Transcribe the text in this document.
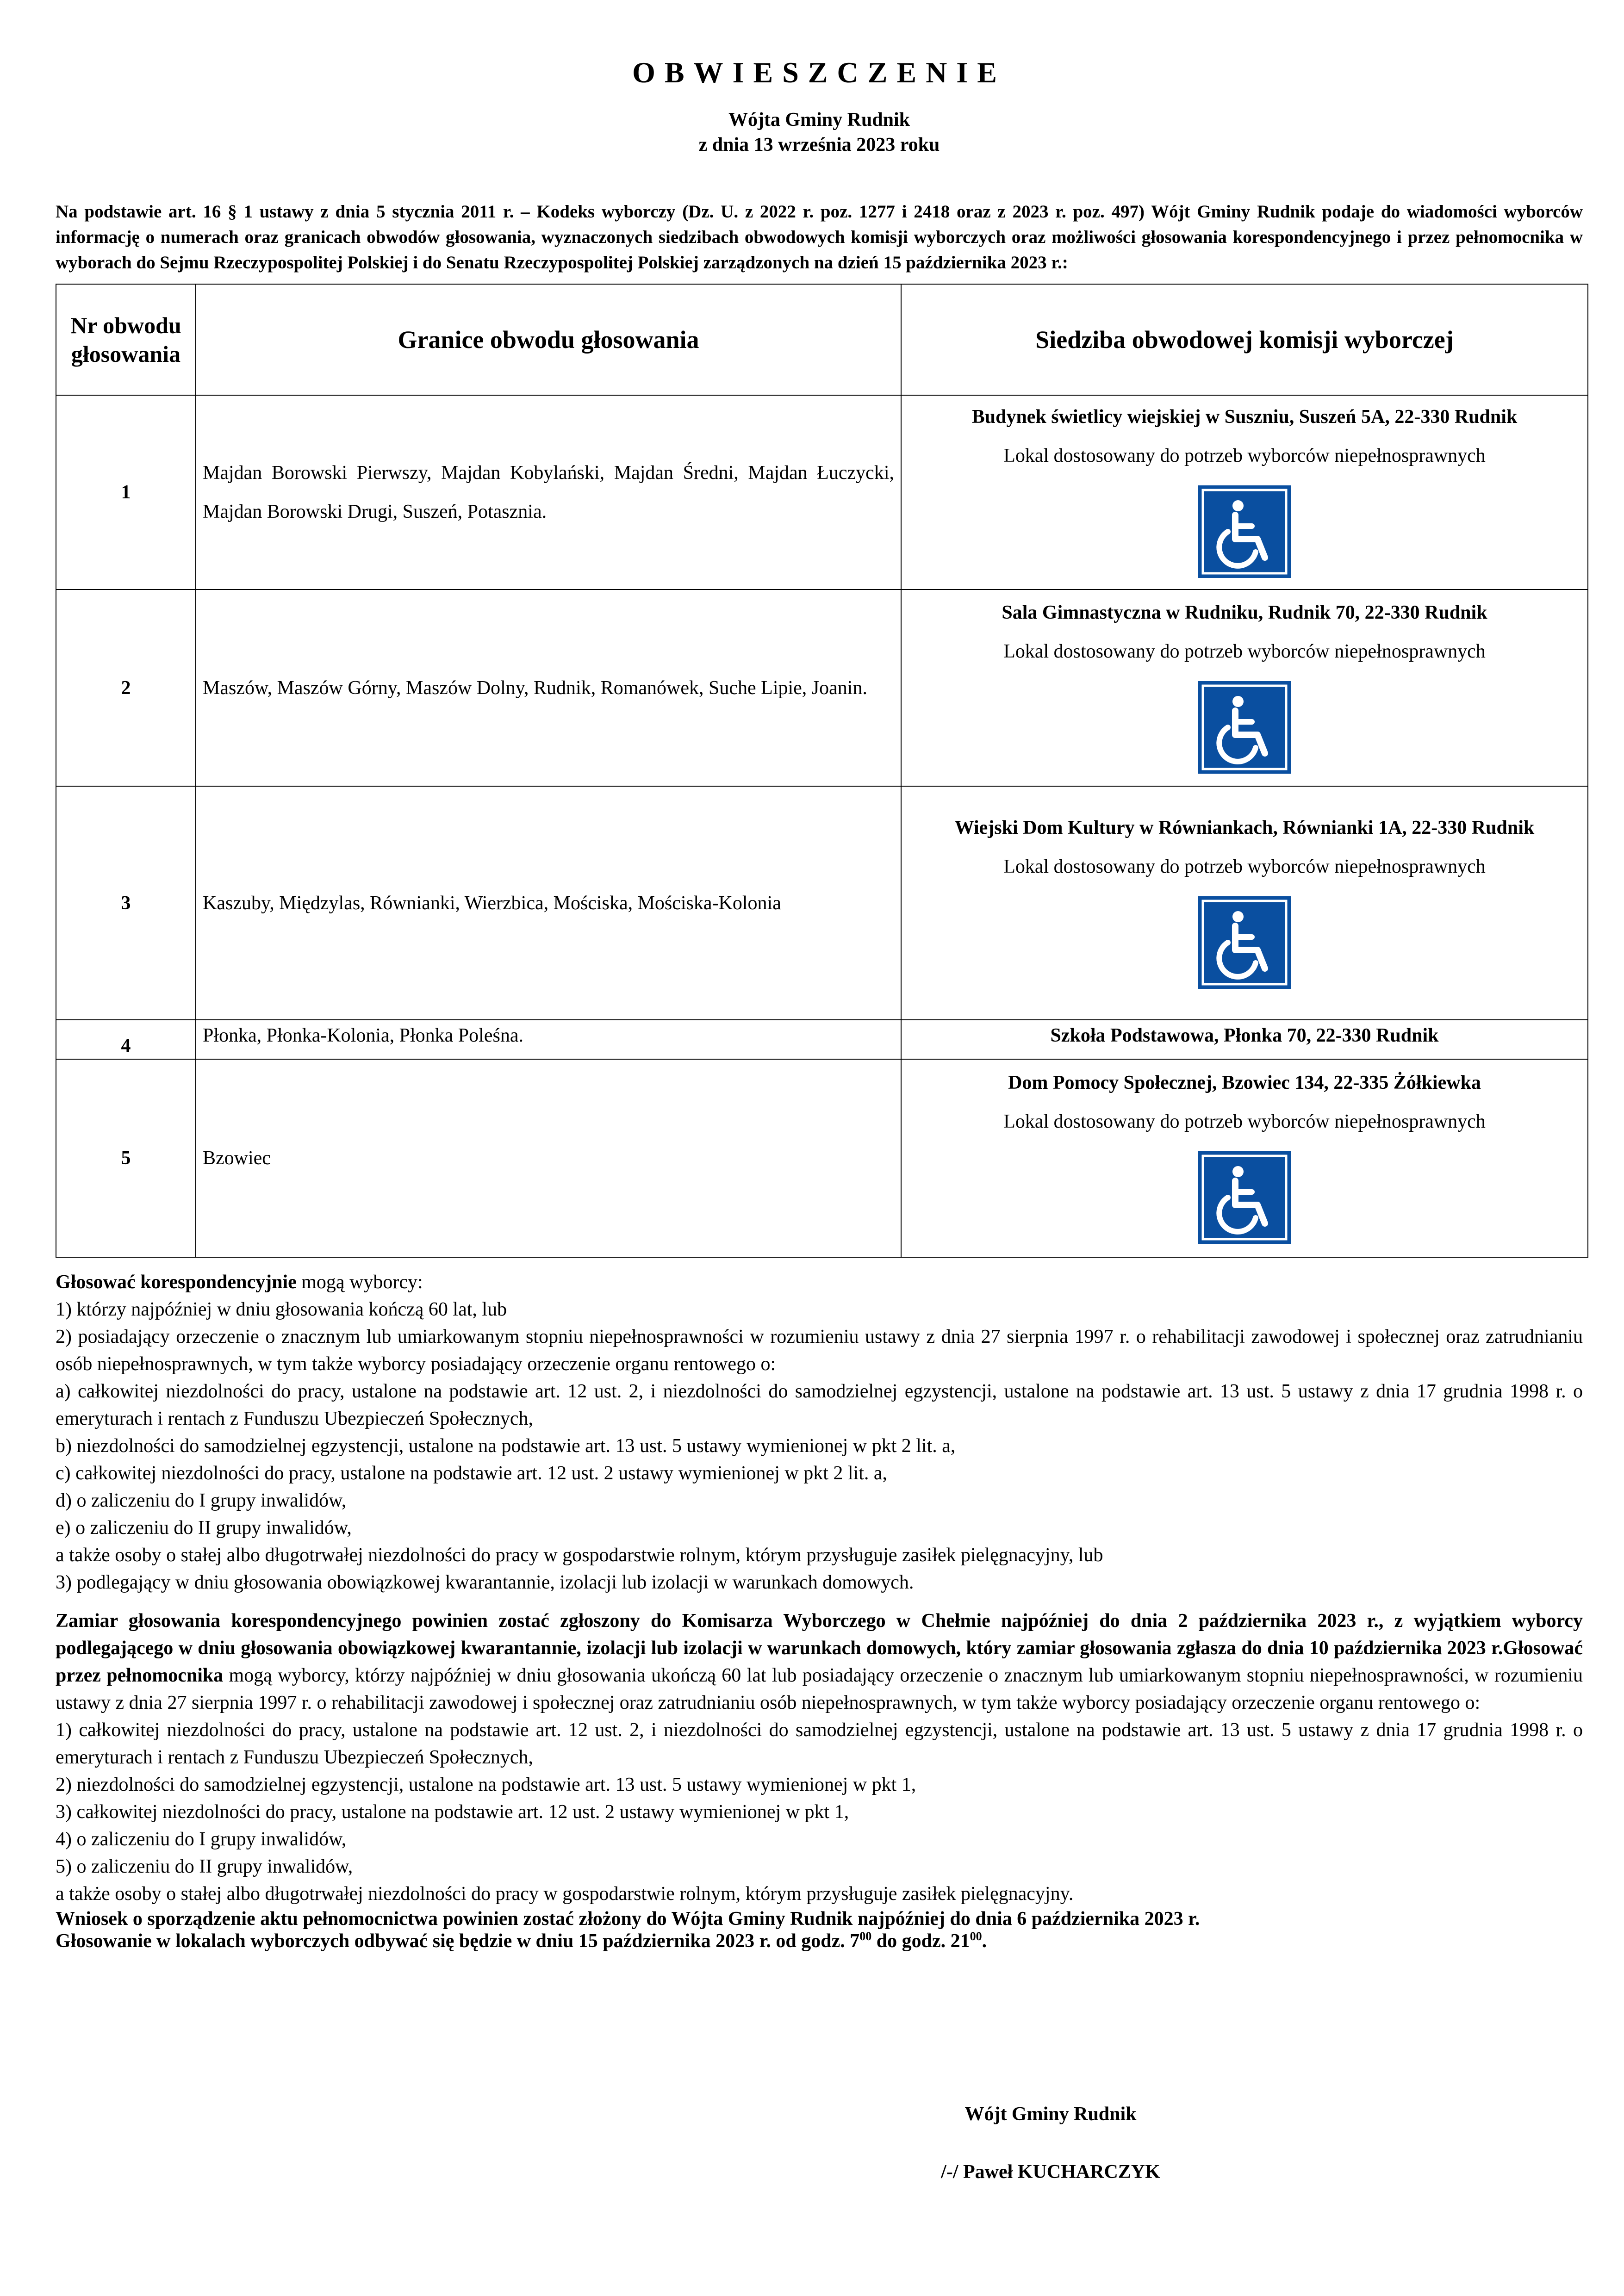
OBWIESZCZENIE
Wójta Gminy Rudnik
z dnia 13 września 2023 roku
Na podstawie art. 16 § 1 ustawy z dnia 5 stycznia 2011 r. – Kodeks wyborczy (Dz. U. z 2022 r. poz. 1277 i 2418 oraz z 2023 r. poz. 497) Wójt Gminy Rudnik podaje do wiadomości wyborców informację o numerach oraz granicach obwodów głosowania, wyznaczonych siedzibach obwodowych komisji wyborczych oraz możliwości głosowania korespondencyjnego i przez pełnomocnika w wyborach do Sejmu Rzeczypospolitej Polskiej i do Senatu Rzeczypospolitej Polskiej zarządzonych na dzień 15 października 2023 r.:
Nr obwodu głosowania	Granice obwodu głosowania	Siedziba obwodowej komisji wyborczej
1	Majdan Borowski Pierwszy, Majdan Kobylański, Majdan Średni, Majdan Łuczycki, Majdan Borowski Drugi, Suszeń, Potasznia.	Budynek świetlicy wiejskiej w Suszniu, Suszeń 5A, 22-330 Rudnik
Lokal dostosowany do potrzeb wyborców niepełnosprawnych

2	Maszów, Maszów Górny, Maszów Dolny, Rudnik, Romanówek, Suche Lipie, Joanin.	Sala Gimnastyczna w Rudniku, Rudnik 70, 22-330 Rudnik
Lokal dostosowany do potrzeb wyborców niepełnosprawnych

3	Kaszuby, Międzylas, Równianki, Wierzbica, Mościska, Mościska-Kolonia	Wiejski Dom Kultury w Równiankach, Równianki 1A, 22-330 Rudnik
Lokal dostosowany do potrzeb wyborców niepełnosprawnych

4	Płonka, Płonka-Kolonia, Płonka Poleśna.	Szkoła Podstawowa, Płonka 70, 22-330 Rudnik

5	Bzowiec	Dom Pomocy Społecznej, Bzowiec 134, 22-335 Żółkiewka
Lokal dostosowany do potrzeb wyborców niepełnosprawnych

Głosować korespondencyjnie mogą wyborcy:

1) którzy najpóźniej w dniu głosowania kończą 60 lat, lub

2) posiadający orzeczenie o znacznym lub umiarkowanym stopniu niepełnosprawności w rozumieniu ustawy z dnia 27 sierpnia 1997 r. o rehabilitacji zawodowej i społecznej oraz zatrudnianiu osób niepełnosprawnych, w tym także wyborcy posiadający orzeczenie organu rentowego o:

a) całkowitej niezdolności do pracy, ustalone na podstawie art. 12 ust. 2, i niezdolności do samodzielnej egzystencji, ustalone na podstawie art. 13 ust. 5 ustawy z dnia 17 grudnia 1998 r. o emeryturach i rentach z Funduszu Ubezpieczeń Społecznych,

b) niezdolności do samodzielnej egzystencji, ustalone na podstawie art. 13 ust. 5 ustawy wymienionej w pkt 2 lit. a,

c) całkowitej niezdolności do pracy, ustalone na podstawie art. 12 ust. 2 ustawy wymienionej w pkt 2 lit. a,

d) o zaliczeniu do I grupy inwalidów,

e) o zaliczeniu do II grupy inwalidów,

a także osoby o stałej albo długotrwałej niezdolności do pracy w gospodarstwie rolnym, którym przysługuje zasiłek pielęgnacyjny, lub

3) podlegający w dniu głosowania obowiązkowej kwarantannie, izolacji lub izolacji w warunkach domowych.

Zamiar głosowania korespondencyjnego powinien zostać zgłoszony do Komisarza Wyborczego w Chełmie najpóźniej do dnia 2 października 2023 r., z wyjątkiem wyborcy podlegającego w dniu głosowania obowiązkowej kwarantannie, izolacji lub izolacji w warunkach domowych, który zamiar głosowania zgłasza do dnia 10 października 2023 r.Głosować przez pełnomocnika mogą wyborcy, którzy najpóźniej w dniu głosowania ukończą 60 lat lub posiadający orzeczenie o znacznym lub umiarkowanym stopniu niepełnosprawności, w rozumieniu ustawy z dnia 27 sierpnia 1997 r. o rehabilitacji zawodowej i społecznej oraz zatrudnianiu osób niepełnosprawnych, w tym także wyborcy posiadający orzeczenie organu rentowego o:

1) całkowitej niezdolności do pracy, ustalone na podstawie art. 12 ust. 2, i niezdolności do samodzielnej egzystencji, ustalone na podstawie art. 13 ust. 5 ustawy z dnia 17 grudnia 1998 r. o emeryturach i rentach z Funduszu Ubezpieczeń Społecznych,

2) niezdolności do samodzielnej egzystencji, ustalone na podstawie art. 13 ust. 5 ustawy wymienionej w pkt 1,

3) całkowitej niezdolności do pracy, ustalone na podstawie art. 12 ust. 2 ustawy wymienionej w pkt 1,

4) o zaliczeniu do I grupy inwalidów,

5) o zaliczeniu do II grupy inwalidów,

a także osoby o stałej albo długotrwałej niezdolności do pracy w gospodarstwie rolnym, którym przysługuje zasiłek pielęgnacyjny.

Wniosek o sporządzenie aktu pełnomocnictwa powinien zostać złożony do Wójta Gminy Rudnik najpóźniej do dnia 6 października 2023 r.

Głosowanie w lokalach wyborczych odbywać się będzie w dniu 15 października 2023 r. od godz. $7^{00}$ do godz. $21^{00}$.

Wójt Gminy Rudnik
/-/ Paweł KUCHARCZYK
